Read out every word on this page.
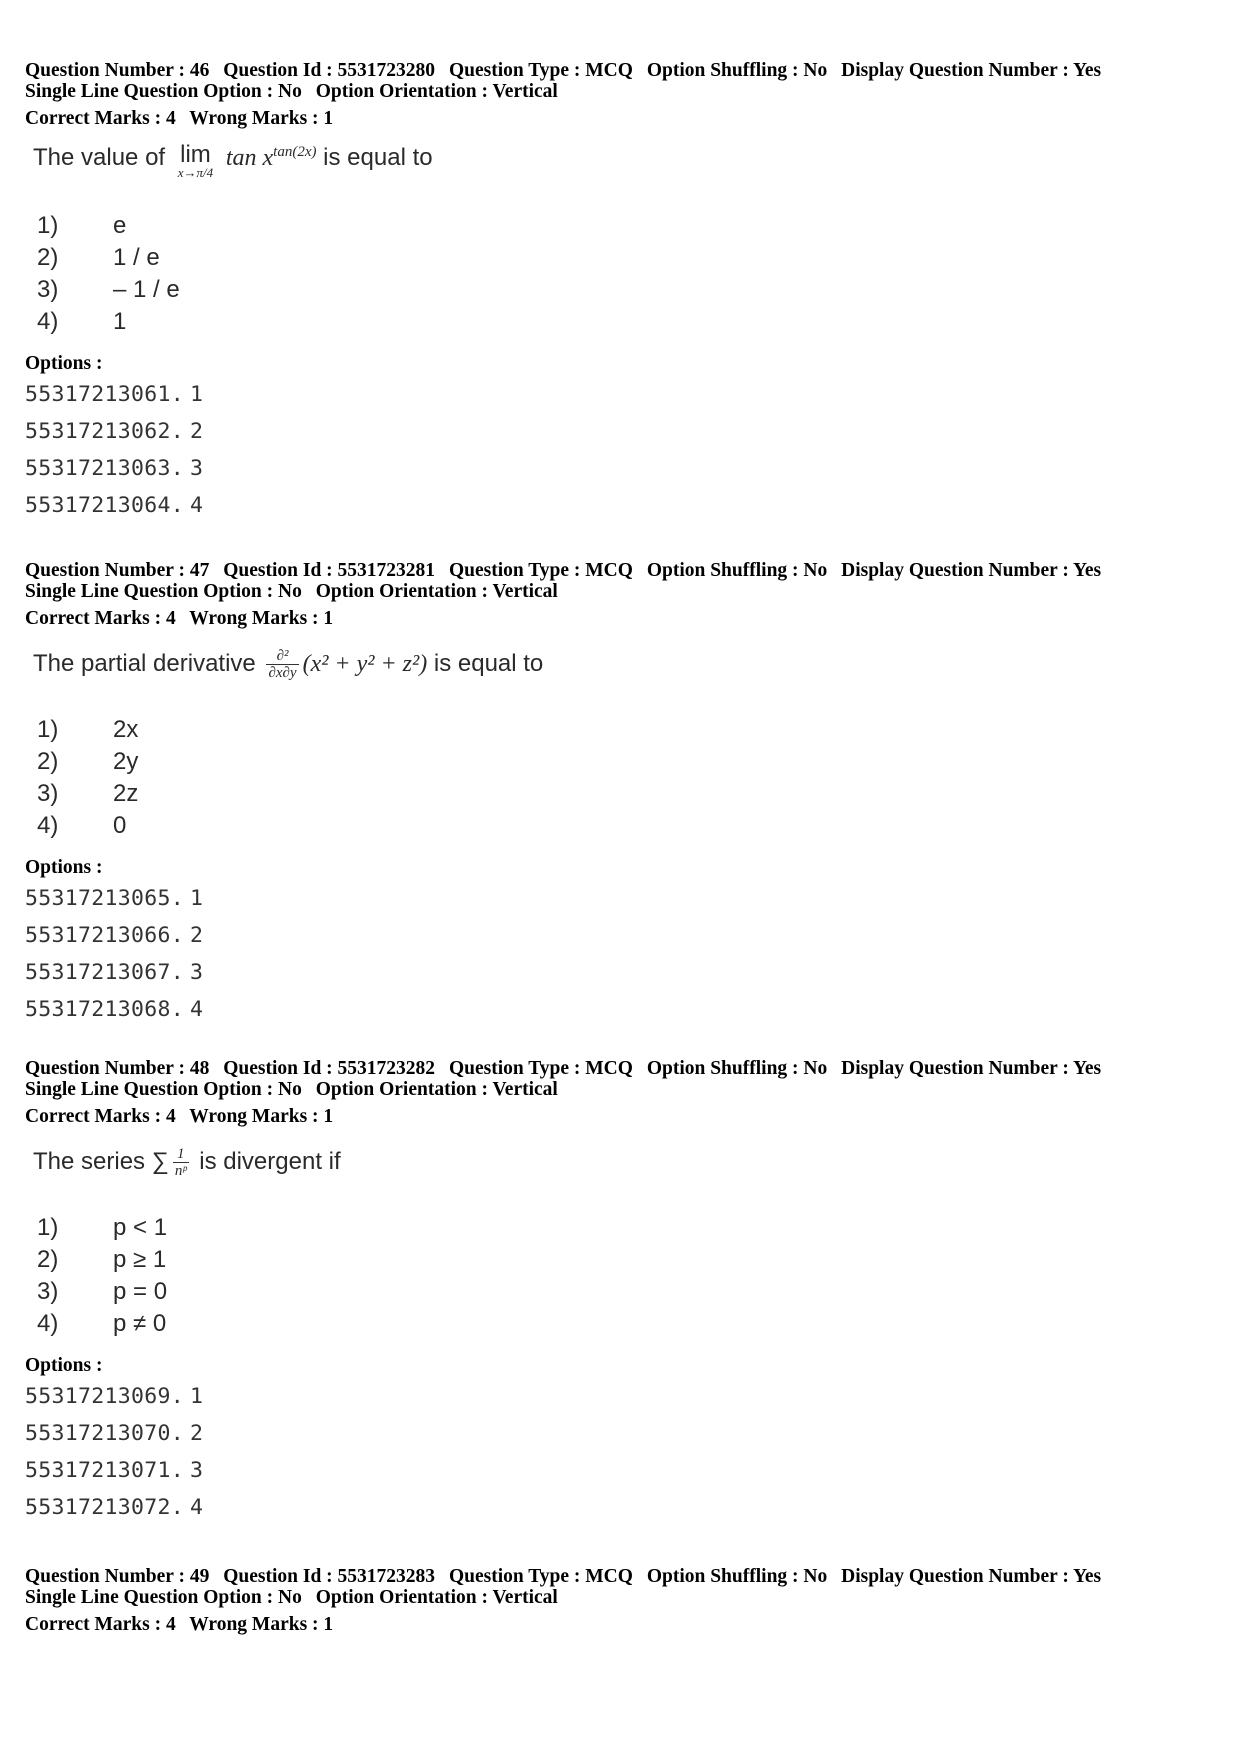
Question Number : 46 Question Id : 5531723280 Question Type : MCQ Option Shuffling : No Display Question Number : Yes
Single Line Question Option : No Option Orientation : Vertical
Correct Marks : 4 Wrong Marks : 1
The value of lim
x→π/4
$\tan x^{tan(2x)}$ is equal to
1) e
2) 1 / e
3) – 1 / e
4) 1
Options :
55317213061. 1
55317213062. 2
55317213063. 3
55317213064. 4
Question Number : 47 Question Id : 5531723281 Question Type : MCQ Option Shuffling : No Display Question Number : Yes
Single Line Question Option : No Option Orientation : Vertical
Correct Marks : 4 Wrong Marks : 1
The partial derivative $\frac{\text{∂²}}{\partial x\partial y} (x^2 + y^2 + z^2)$ is equal to
1) 2x
2) 2y
3) 2z
4) 0
Options :
55317213065. 1
55317213066. 2
55317213067. 3
55317213068. 4
Question Number : 48 Question Id : 5531723282 Question Type : MCQ Option Shuffling : No Display Question Number : Yes
Single Line Question Option : No Option Orientation : Vertical
Correct Marks : 4 Wrong Marks : 1
The series ∑ $\frac{1}{\text{nᵖ}}$ is divergent if
1) p < 1
2) p ≥ 1
3) p = 0
4) p ≠ 0
Options :
55317213069. 1
55317213070. 2
55317213071. 3
55317213072. 4
Question Number : 49 Question Id : 5531723283 Question Type : MCQ Option Shuffling : No Display Question Number : Yes
Single Line Question Option : No Option Orientation : Vertical
Correct Marks : 4 Wrong Marks : 1
